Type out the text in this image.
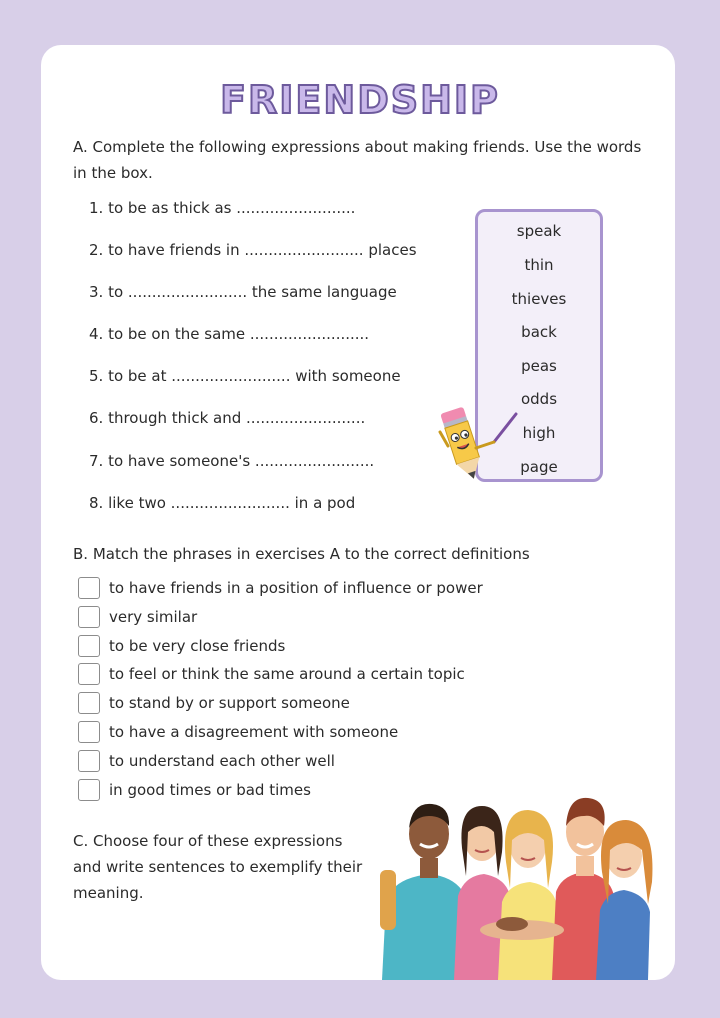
FRIENDSHIP
A. Complete the following expressions about making friends. Use the words
in the box.
1. to be as thick as .........................
2. to have friends in ......................... places
3. to ......................... the same language
4. to be on the same .........................
5. to be at ......................... with someone
6. through thick and .........................
7. to have someone's .........................
8. like two ......................... in a pod
speak
thin
thieves
back
peas
odds
high
page
B. Match the phrases in exercises A to the correct definitions
to have friends in a position of influence or power
very similar
to be very close friends
to feel or think the same around a certain topic
to stand by or support someone
to have a disagreement with someone
to understand each other well
in good times or bad times
C. Choose four of these expressions
and write sentences to exemplify their
meaning.
